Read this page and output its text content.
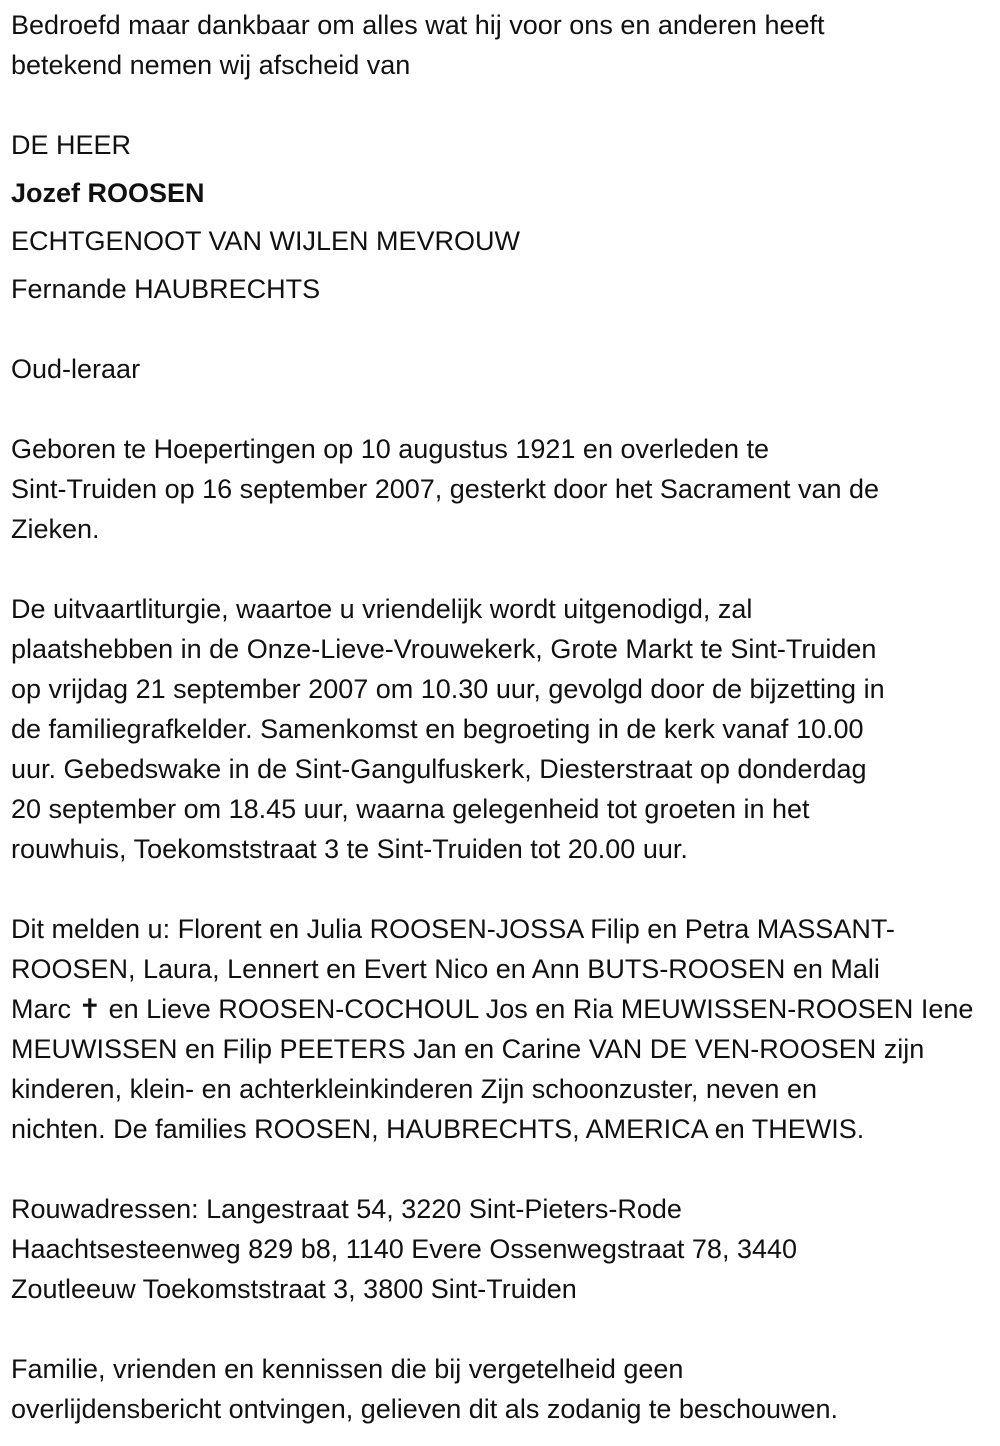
Bedroefd maar dankbaar om alles wat hij voor ons en anderen heeft
betekend nemen wij afscheid van
DE HEER
Jozef ROOSEN
ECHTGENOOT VAN WIJLEN MEVROUW
Fernande HAUBRECHTS
Oud-leraar
Geboren te Hoepertingen op 10 augustus 1921 en overleden te
Sint-Truiden op 16 september 2007, gesterkt door het Sacrament van de
Zieken.
De uitvaartliturgie, waartoe u vriendelijk wordt uitgenodigd, zal
plaatshebben in de Onze-Lieve-Vrouwekerk, Grote Markt te Sint-Truiden
op vrijdag 21 september 2007 om 10.30 uur, gevolgd door de bijzetting in
de familiegrafkelder. Samenkomst en begroeting in de kerk vanaf 10.00
uur. Gebedswake in de Sint-Gangulfuskerk, Diesterstraat op donderdag
20 september om 18.45 uur, waarna gelegenheid tot groeten in het
rouwhuis, Toekomststraat 3 te Sint-Truiden tot 20.00 uur.
Dit melden u: Florent en Julia ROOSEN-JOSSA Filip en Petra MASSANT-
ROOSEN, Laura, Lennert en Evert Nico en Ann BUTS-ROOSEN en Mali
Marc ✝ en Lieve ROOSEN-COCHOUL Jos en Ria MEUWISSEN-ROOSEN Iene
MEUWISSEN en Filip PEETERS Jan en Carine VAN DE VEN-ROOSEN zijn
kinderen, klein- en achterkleinkinderen Zijn schoonzuster, neven en
nichten. De families ROOSEN, HAUBRECHTS, AMERICA en THEWIS.
Rouwadressen: Langestraat 54, 3220 Sint-Pieters-Rode
Haachtsesteenweg 829 b8, 1140 Evere Ossenwegstraat 78, 3440
Zoutleeuw Toekomststraat 3, 3800 Sint-Truiden
Familie, vrienden en kennissen die bij vergetelheid geen
overlijdensbericht ontvingen, gelieven dit als zodanig te beschouwen.
